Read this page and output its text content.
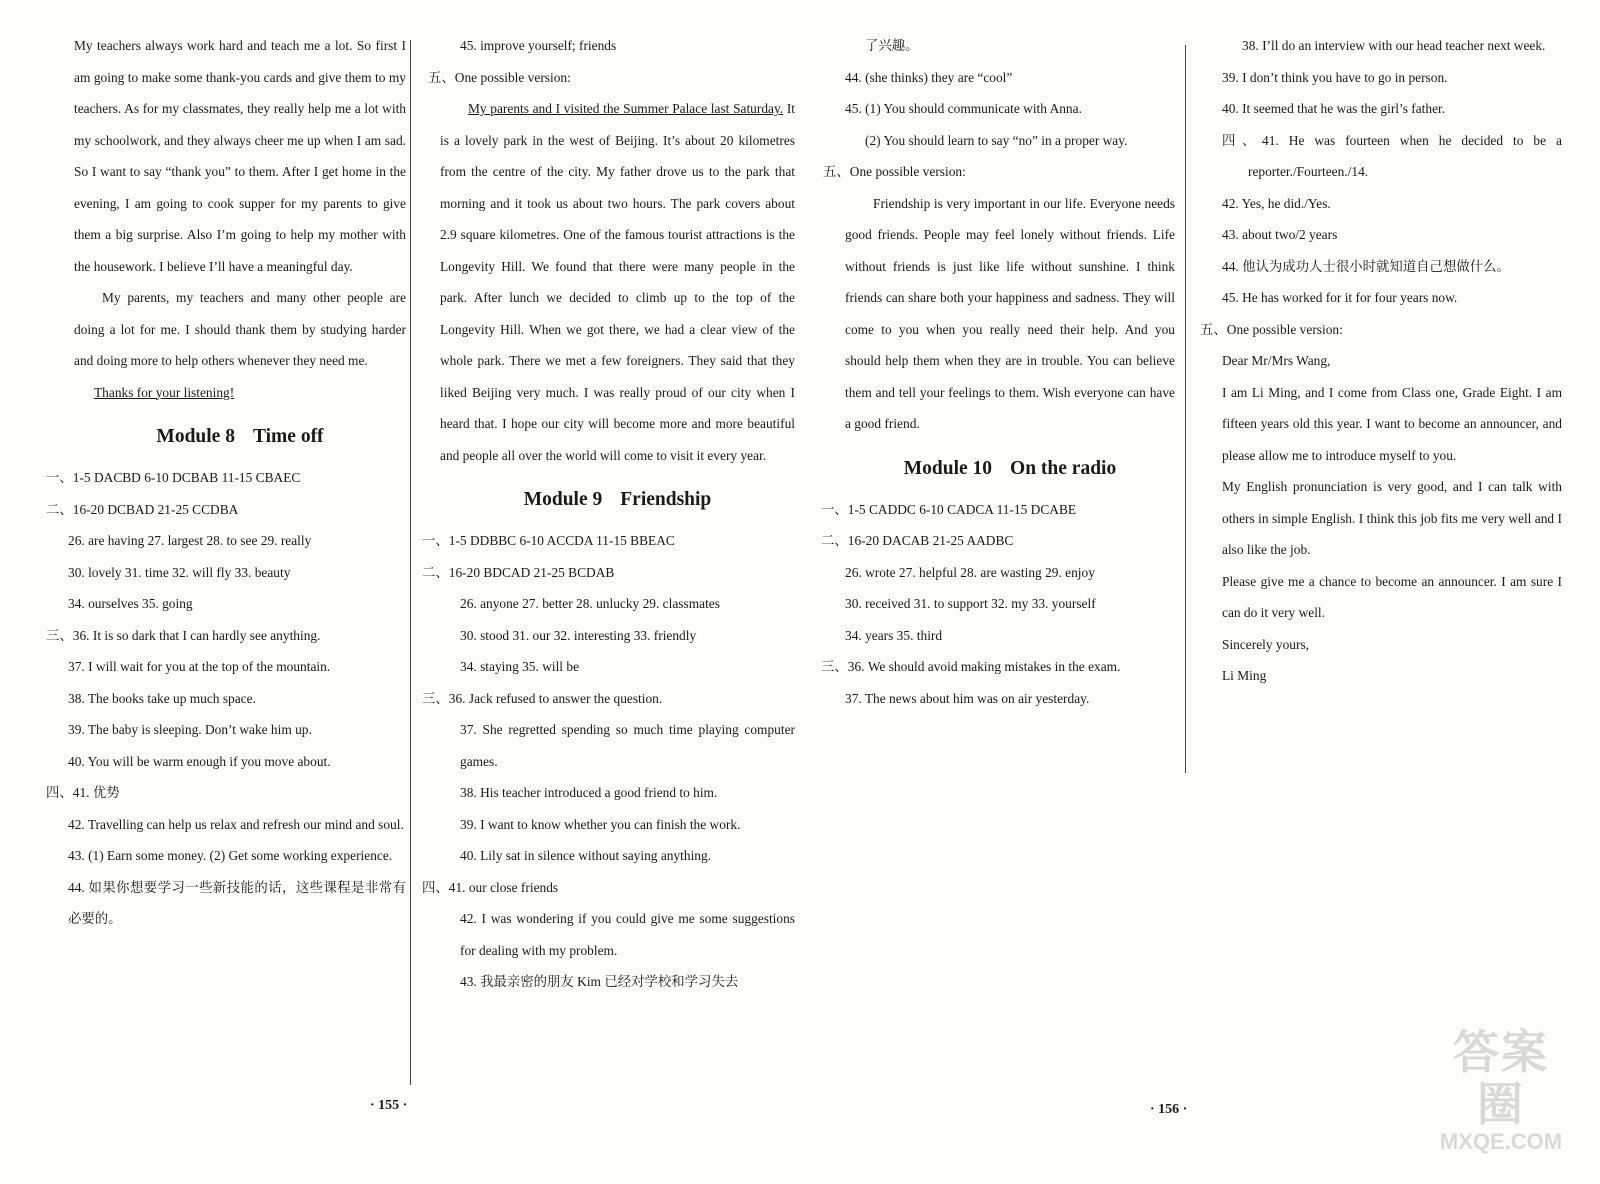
My teachers always work hard and teach me a lot. So first I am going to make some thank-you cards and give them to my teachers. As for my classmates, they really help me a lot with my schoolwork, and they always cheer me up when I am sad. So I want to say “thank you” to them. After I get home in the evening, I am going to cook supper for my parents to give them a big surprise. Also I’m going to help my mother with the housework. I believe I’ll have a meaningful day.

My parents, my teachers and many other people are doing a lot for me. I should thank them by studying harder and doing more to help others whenever they need me.

Thanks for your listening!

Module 8 Time off

一、1-5 DACBD 6-10 DCBAB 11-15 CBAEC

二、16-20 DCBAD 21-25 CCDBA

26. are having 27. largest 28. to see 29. really

30. lovely 31. time 32. will fly 33. beauty

34. ourselves 35. going

三、36. It is so dark that I can hardly see anything.

37. I will wait for you at the top of the mountain.

38. The books take up much space.

39. The baby is sleeping. Don’t wake him up.

40. You will be warm enough if you move about.

四、41. 优势

42. Travelling can help us relax and refresh our mind and soul.

43. (1) Earn some money. (2) Get some working experience.

44. 如果你想要学习一些新技能的话，这些课程是非常有必要的。

45. improve yourself; friends

五、One possible version:

My parents and I visited the Summer Palace last Saturday. It is a lovely park in the west of Beijing. It’s about 20 kilometres from the centre of the city. My father drove us to the park that morning and it took us about two hours. The park covers about 2.9 square kilometres. One of the famous tourist attractions is the Longevity Hill. We found that there were many people in the park. After lunch we decided to climb up to the top of the Longevity Hill. When we got there, we had a clear view of the whole park. There we met a few foreigners. They said that they liked Beijing very much. I was really proud of our city when I heard that. I hope our city will become more and more beautiful and people all over the world will come to visit it every year.

Module 9 Friendship

一、1-5 DDBBC 6-10 ACCDA 11-15 BBEAC

二、16-20 BDCAD 21-25 BCDAB

26. anyone 27. better 28. unlucky 29. classmates

30. stood 31. our 32. interesting 33. friendly

34. staying 35. will be

三、36. Jack refused to answer the question.

37. She regretted spending so much time playing computer games.

38. His teacher introduced a good friend to him.

39. I want to know whether you can finish the work.

40. Lily sat in silence without saying anything.

四、41. our close friends

42. I was wondering if you could give me some suggestions for dealing with my problem.

43. 我最亲密的朋友 Kim 已经对学校和学习失去

了兴趣。

44. (she thinks) they are “cool”

45. (1) You should communicate with Anna.

(2) You should learn to say “no” in a proper way.

五、One possible version:

Friendship is very important in our life. Everyone needs good friends. People may feel lonely without friends. Life without friends is just like life without sunshine. I think friends can share both your happiness and sadness. They will come to you when you really need their help. And you should help them when they are in trouble. You can believe them and tell your feelings to them. Wish everyone can have a good friend.

Module 10 On the radio

一、1-5 CADDC 6-10 CADCA 11-15 DCABE

二、16-20 DACAB 21-25 AADBC

26. wrote 27. helpful 28. are wasting 29. enjoy

30. received 31. to support 32. my 33. yourself

34. years 35. third

三、36. We should avoid making mistakes in the exam.

37. The news about him was on air yesterday.

38. I’ll do an interview with our head teacher next week.

39. I don’t think you have to go in person.

40. It seemed that he was the girl’s father.

四、41. He was fourteen when he decided to be a reporter./Fourteen./14.

42. Yes, he did./Yes.

43. about two/2 years

44. 他认为成功人士很小时就知道自己想做什么。

45. He has worked for it for four years now.

五、One possible version:

Dear Mr/Mrs Wang,

I am Li Ming, and I come from Class one, Grade Eight. I am fifteen years old this year. I want to become an announcer, and please allow me to introduce myself to you.

My English pronunciation is very good, and I can talk with others in simple English. I think this job fits me very well and I also like the job.

Please give me a chance to become an announcer. I am sure I can do it very well.

Sincerely yours,

Li Ming

· 155 ·	· 156 ·
答案圈
MXQE.COM
